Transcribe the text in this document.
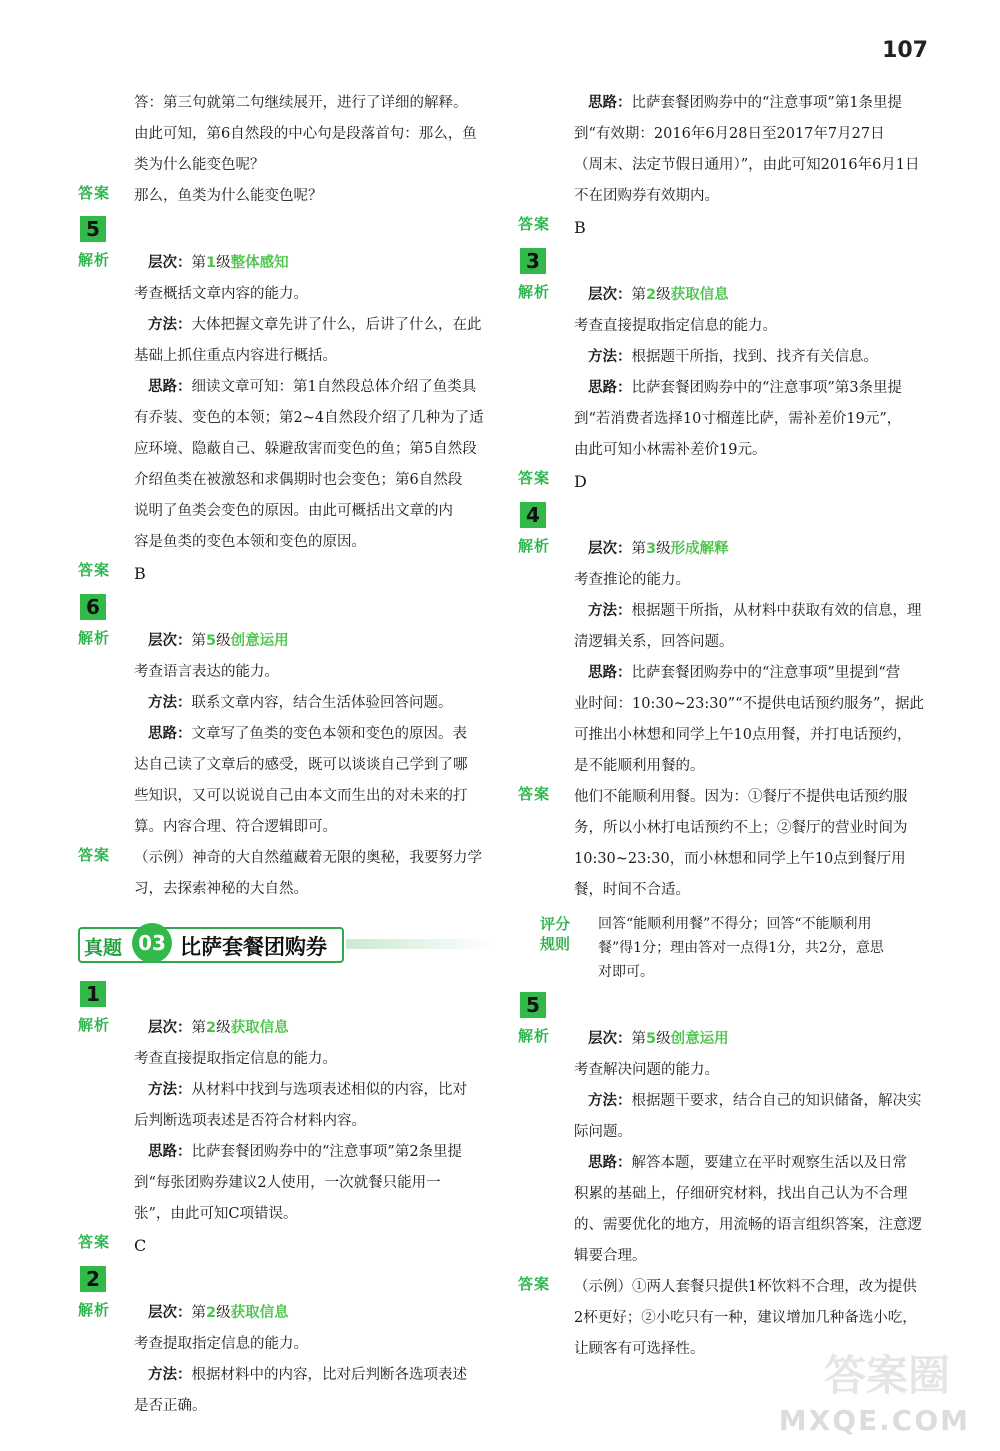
107

答：第三句就第二句继续展开，进行了详细的解释。

由此可知，第6自然段的中心句是段落首句：那么，鱼

类为什么能变色呢？

答案 那么，鱼类为什么能变色呢？

5
解析	层次：第1级整体感知

考查概括文章内容的能力。

方法：大体把握文章先讲了什么，后讲了什么，在此

基础上抓住重点内容进行概括。

思路：细读文章可知：第1自然段总体介绍了鱼类具

有乔装、变色的本领；第2~4自然段介绍了几种为了适

应环境、隐蔽自己、躲避敌害而变色的鱼；第5自然段

介绍鱼类在被激怒和求偶期时也会变色；第6自然段

说明了鱼类会变色的原因。由此可概括出文章的内

容是鱼类的变色本领和变色的原因。

答案 B

6
解析	层次：第5级创意运用

考查语言表达的能力。

方法：联系文章内容，结合生活体验回答问题。

思路：文章写了鱼类的变色本领和变色的原因。表

达自己读了文章后的感受，既可以谈谈自己学到了哪

些知识，又可以说说自己由本文而生出的对未来的打

算。内容合理、符合逻辑即可。

答案 （示例）神奇的大自然蕴藏着无限的奥秘，我要努力学

习，去探索神秘的大自然。

真题 03 比萨套餐团购券
1
解析	层次：第2级获取信息

考查直接提取指定信息的能力。

方法：从材料中找到与选项表述相似的内容，比对

后判断选项表述是否符合材料内容。

思路：比萨套餐团购券中的“注意事项”第2条里提

到“每张团购券建议2人使用，一次就餐只能用一

张”，由此可知C项错误。

答案 C

2
解析	层次：第2级获取信息

考查提取指定信息的能力。

方法：根据材料中的内容，比对后判断各选项表述

是否正确。

思路：比萨套餐团购券中的“注意事项”第1条里提

到“有效期：2016年6月28日至2017年7月27日

（周末、法定节假日通用）”，由此可知2016年6月1日

不在团购券有效期内。

答案 B

3
解析	层次：第2级获取信息

考查直接提取指定信息的能力。

方法：根据题干所指，找到、找齐有关信息。

思路：比萨套餐团购券中的“注意事项”第3条里提

到“若消费者选择10寸榴莲比萨，需补差价19元”，

由此可知小林需补差价19元。

答案 D

4
解析	层次：第3级形成解释

考查推论的能力。

方法：根据题干所指，从材料中获取有效的信息，理

清逻辑关系，回答问题。

思路：比萨套餐团购券中的“注意事项”里提到“营

业时间：10:30~23:30”“不提供电话预约服务”，据此

可推出小林想和同学上午10点用餐，并打电话预约，

是不能顺利用餐的。

答案 他们不能顺利用餐。因为：①餐厅不提供电话预约服

务，所以小林打电话预约不上；②餐厅的营业时间为

10:30~23:30，而小林想和同学上午10点到餐厅用

餐，时间不合适。

评分
规则
回答“能顺利用餐”不得分；回答“不能顺利用
餐”得1分；理由答对一点得1分，共2分，意思
对即可。
5
解析	层次：第5级创意运用

考查解决问题的能力。

方法：根据题干要求，结合自己的知识储备，解决实

际问题。

思路：解答本题，要建立在平时观察生活以及日常

积累的基础上，仔细研究材料，找出自己认为不合理

的、需要优化的地方，用流畅的语言组织答案，注意逻

辑要合理。

答案 （示例）①两人套餐只提供1杯饮料不合理，改为提供

2杯更好；②小吃只有一种，建议增加几种备选小吃，

让顾客有可选择性。

答案圈
MXQE.COM
